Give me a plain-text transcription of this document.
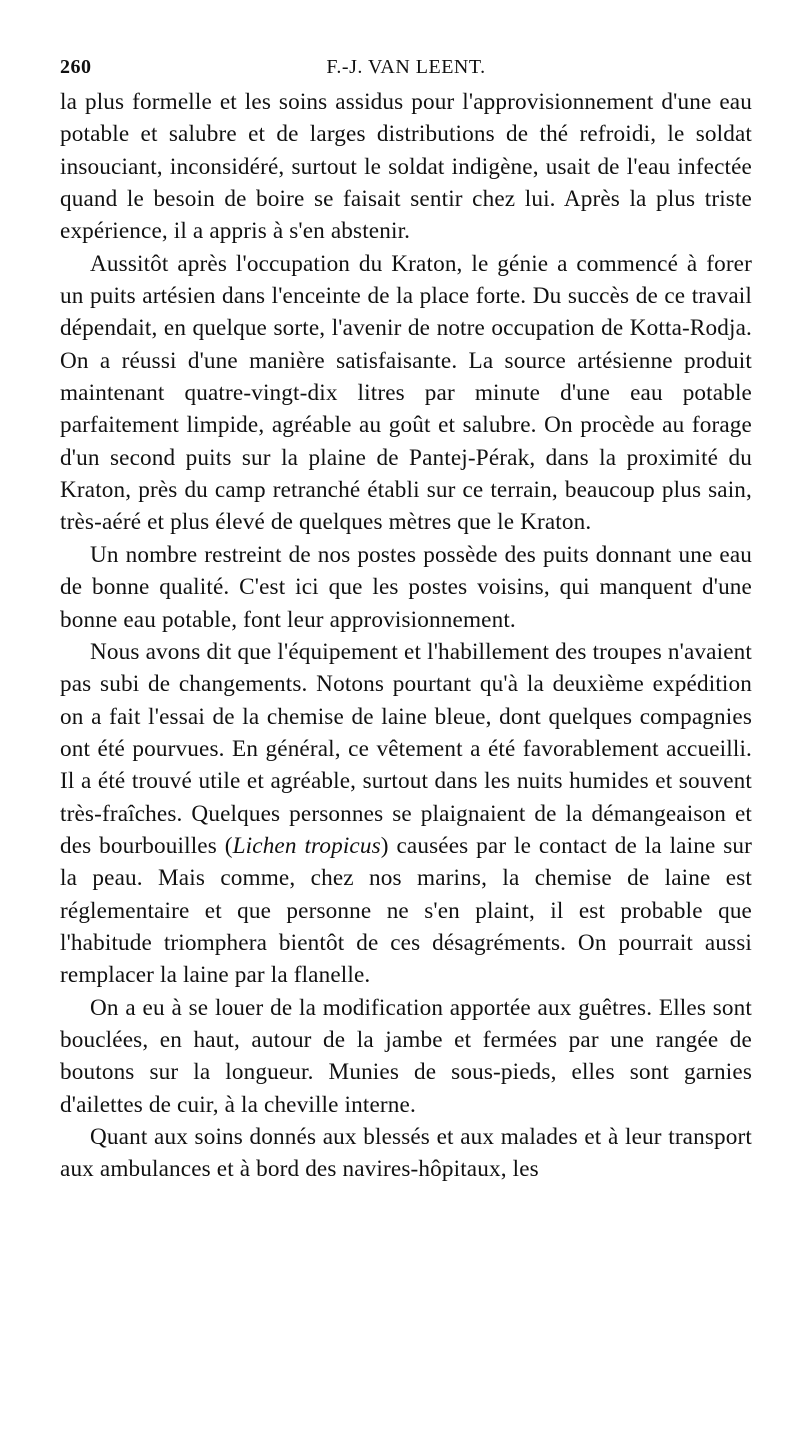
260	F.-J. VAN LEENT.

la plus formelle et les soins assidus pour l'approvisionnement d'une eau potable et salubre et de larges distributions de thé refroidi, le soldat insouciant, inconsidéré, surtout le soldat indigène, usait de l'eau infectée quand le besoin de boire se faisait sentir chez lui. Après la plus triste expérience, il a appris à s'en abstenir.

Aussitôt après l'occupation du Kraton, le génie a commencé à forer un puits artésien dans l'enceinte de la place forte. Du succès de ce travail dépendait, en quelque sorte, l'avenir de notre occupation de Kotta-Rodja. On a réussi d'une manière satisfaisante. La source artésienne produit maintenant quatre-vingt-dix litres par minute d'une eau potable parfaitement limpide, agréable au goût et salubre. On procède au forage d'un second puits sur la plaine de Pantej-Pérak, dans la proximité du Kraton, près du camp retranché établi sur ce terrain, beaucoup plus sain, très-aéré et plus élevé de quelques mètres que le Kraton.

Un nombre restreint de nos postes possède des puits donnant une eau de bonne qualité. C'est ici que les postes voisins, qui manquent d'une bonne eau potable, font leur approvisionnement.

Nous avons dit que l'équipement et l'habillement des troupes n'avaient pas subi de changements. Notons pourtant qu'à la deuxième expédition on a fait l'essai de la chemise de laine bleue, dont quelques compagnies ont été pourvues. En général, ce vêtement a été favorablement accueilli. Il a été trouvé utile et agréable, surtout dans les nuits humides et souvent très-fraîches. Quelques personnes se plaignaient de la démangeaison et des bourbouilles (Lichen tropicus) causées par le contact de la laine sur la peau. Mais comme, chez nos marins, la chemise de laine est réglementaire et que personne ne s'en plaint, il est probable que l'habitude triomphera bientôt de ces désagréments. On pourrait aussi remplacer la laine par la flanelle.

On a eu à se louer de la modification apportée aux guêtres. Elles sont bouclées, en haut, autour de la jambe et fermées par une rangée de boutons sur la longueur. Munies de sous-pieds, elles sont garnies d'ailettes de cuir, à la cheville interne.

Quant aux soins donnés aux blessés et aux malades et à leur transport aux ambulances et à bord des navires-hôpitaux, les
